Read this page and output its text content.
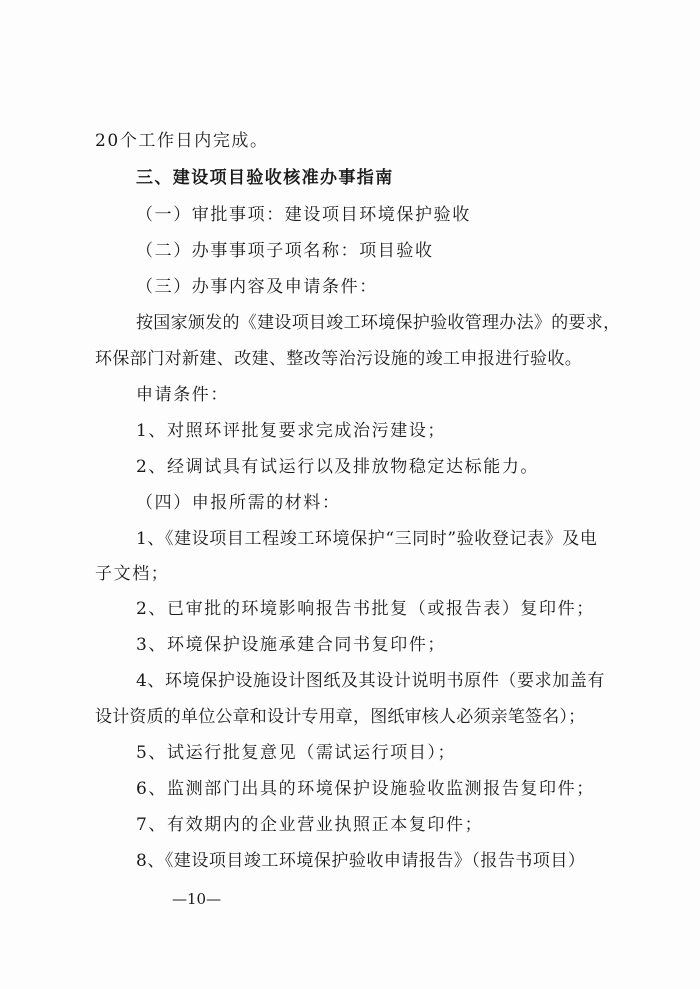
20个工作日内完成。
三、建设项目验收核准办事指南
（一）审批事项：建设项目环境保护验收
（二）办事事项子项名称：项目验收
（三）办事内容及申请条件：
按国家颁发的《建设项目竣工环境保护验收管理办法》的要求，
环保部门对新建、改建、整改等治污设施的竣工申报进行验收。
申请条件：
1、对照环评批复要求完成治污建设；
2、经调试具有试运行以及排放物稳定达标能力。
（四）申报所需的材料：
1、《建设项目工程竣工环境保护“三同时”验收登记表》及电
子文档；
2、已审批的环境影响报告书批复（或报告表）复印件；
3、环境保护设施承建合同书复印件；
4、环境保护设施设计图纸及其设计说明书原件（要求加盖有
设计资质的单位公章和设计专用章，图纸审核人必须亲笔签名）；
5、试运行批复意见（需试运行项目）；
6、监测部门出具的环境保护设施验收监测报告复印件；
7、有效期内的企业营业执照正本复印件；
8、《建设项目竣工环境保护验收申请报告》（报告书项目）
—10—
